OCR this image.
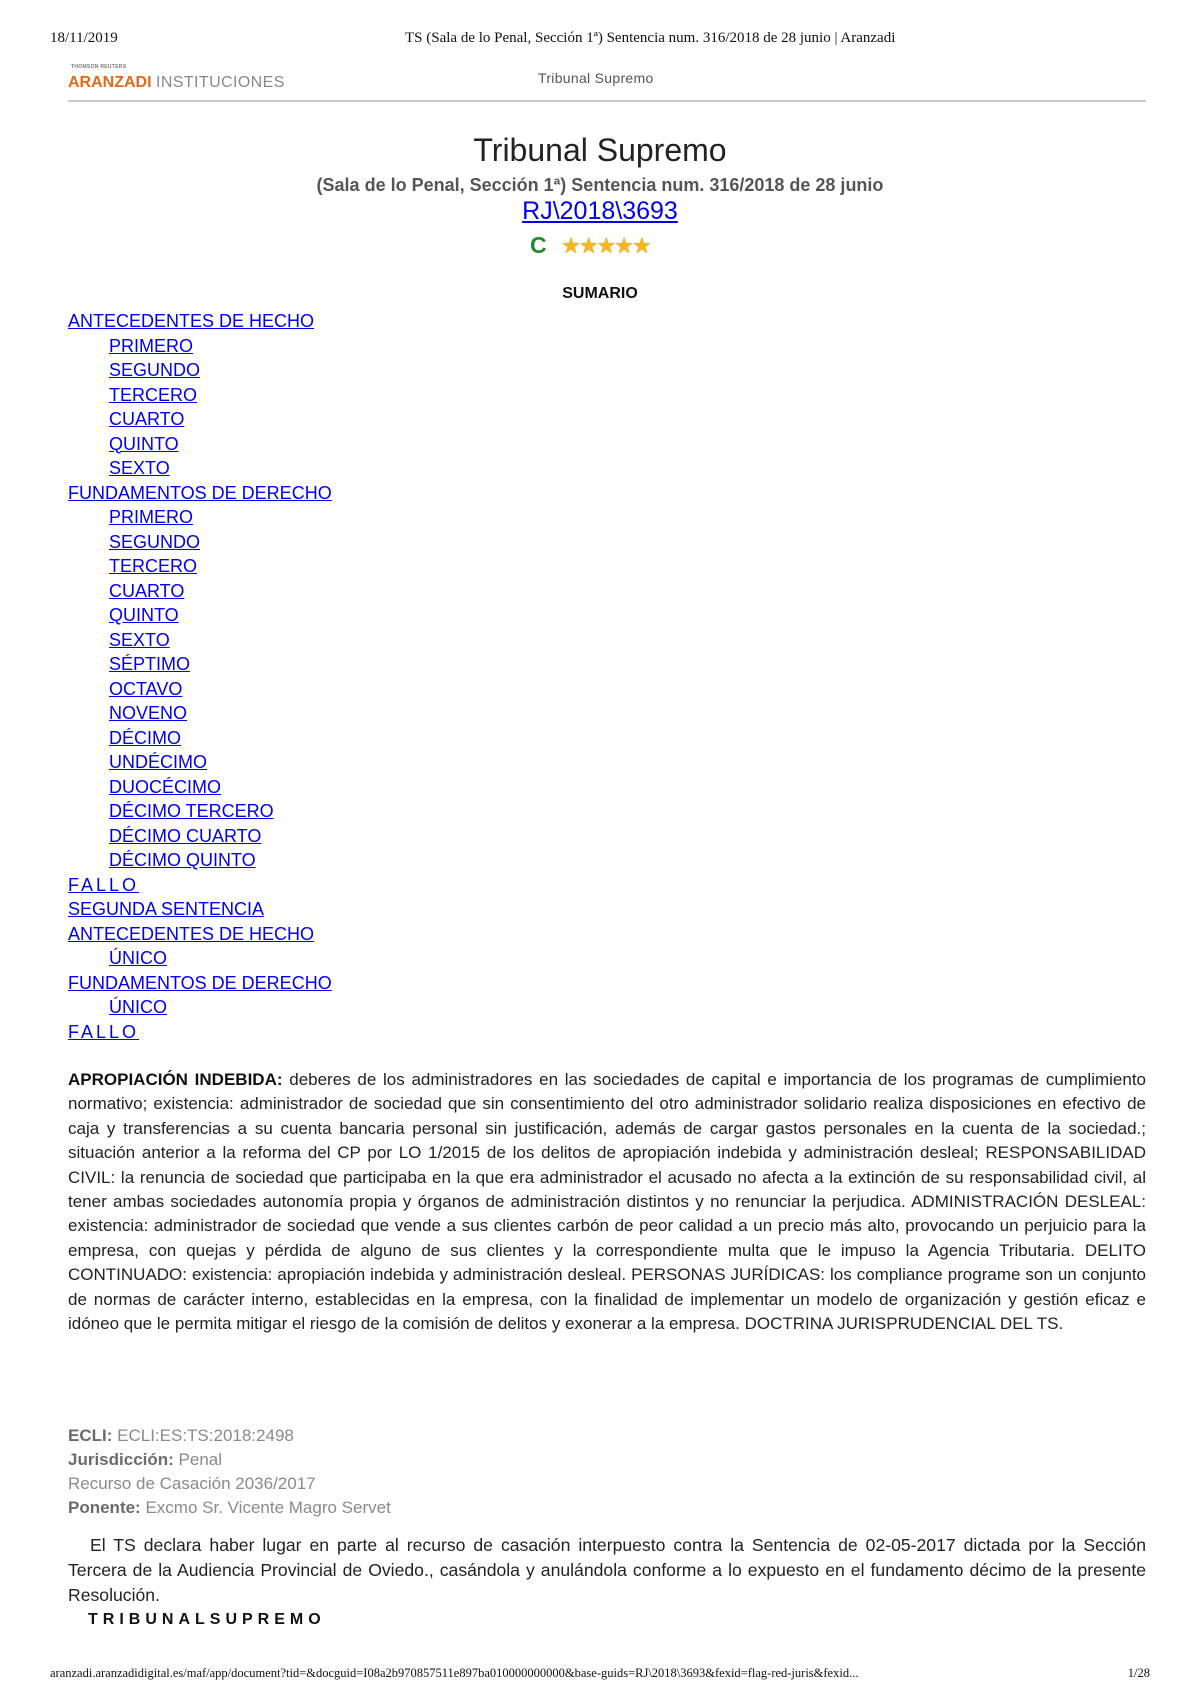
18/11/2019	TS (Sala de lo Penal, Sección 1ª) Sentencia num. 316/2018 de 28 junio | Aranzadi
THOMSON REUTERS
ARANZADI INSTITUCIONES	Tribunal Supremo
Tribunal Supremo
(Sala de lo Penal, Sección 1ª) Sentencia num. 316/2018 de 28 junio
RJ\2018\3693
C ★★★★★
SUMARIO
ANTECEDENTES DE HECHO
PRIMERO
SEGUNDO
TERCERO
CUARTO
QUINTO
SEXTO
FUNDAMENTOS DE DERECHO
PRIMERO
SEGUNDO
TERCERO
CUARTO
QUINTO
SEXTO
SÉPTIMO
OCTAVO
NOVENO
DÉCIMO
UNDÉCIMO
DUOCÉCIMO
DÉCIMO TERCERO
DÉCIMO CUARTO
DÉCIMO QUINTO
FALLO
SEGUNDA SENTENCIA
ANTECEDENTES DE HECHO
ÚNICO
FUNDAMENTOS DE DERECHO
ÚNICO
FALLO

APROPIACIÓN INDEBIDA: deberes de los administradores en las sociedades de capital e importancia de los programas de cumplimiento normativo; existencia: administrador de sociedad que sin consentimiento del otro administrador solidario realiza disposiciones en efectivo de caja y transferencias a su cuenta bancaria personal sin justificación, además de cargar gastos personales en la cuenta de la sociedad.; situación anterior a la reforma del CP por LO 1/2015 de los delitos de apropiación indebida y administración desleal; RESPONSABILIDAD CIVIL: la renuncia de sociedad que participaba en la que era administrador el acusado no afecta a la extinción de su responsabilidad civil, al tener ambas sociedades autonomía propia y órganos de administración distintos y no renunciar la perjudica. ADMINISTRACIÓN DESLEAL: existencia: administrador de sociedad que vende a sus clientes carbón de peor calidad a un precio más alto, provocando un perjuicio para la empresa, con quejas y pérdida de alguno de sus clientes y la correspondiente multa que le impuso la Agencia Tributaria. DELITO CONTINUADO: existencia: apropiación indebida y administración desleal. PERSONAS JURÍDICAS: los compliance programe son un conjunto de normas de carácter interno, establecidas en la empresa, con la finalidad de implementar un modelo de organización y gestión eficaz e idóneo que le permita mitigar el riesgo de la comisión de delitos y exonerar a la empresa. DOCTRINA JURISPRUDENCIAL DEL TS.

ECLI: ECLI:ES:TS:2018:2498
Jurisdicción: Penal
Recurso de Casación 2036/2017
Ponente: Excmo Sr. Vicente Magro Servet

El TS declara haber lugar en parte al recurso de casación interpuesto contra la Sentencia de 02-05-2017 dictada por la Sección Tercera de la Audiencia Provincial de Oviedo., casándola y anulándola conforme a lo expuesto en el fundamento décimo de la presente Resolución.

TRIBUNALSUPREMO
aranzadi.aranzadidigital.es/maf/app/document?tid=&docguid=I08a2b970857511e897ba010000000000&base-guids=RJ\2018\3693&fexid=flag-red-juris&fexid...	1/28
